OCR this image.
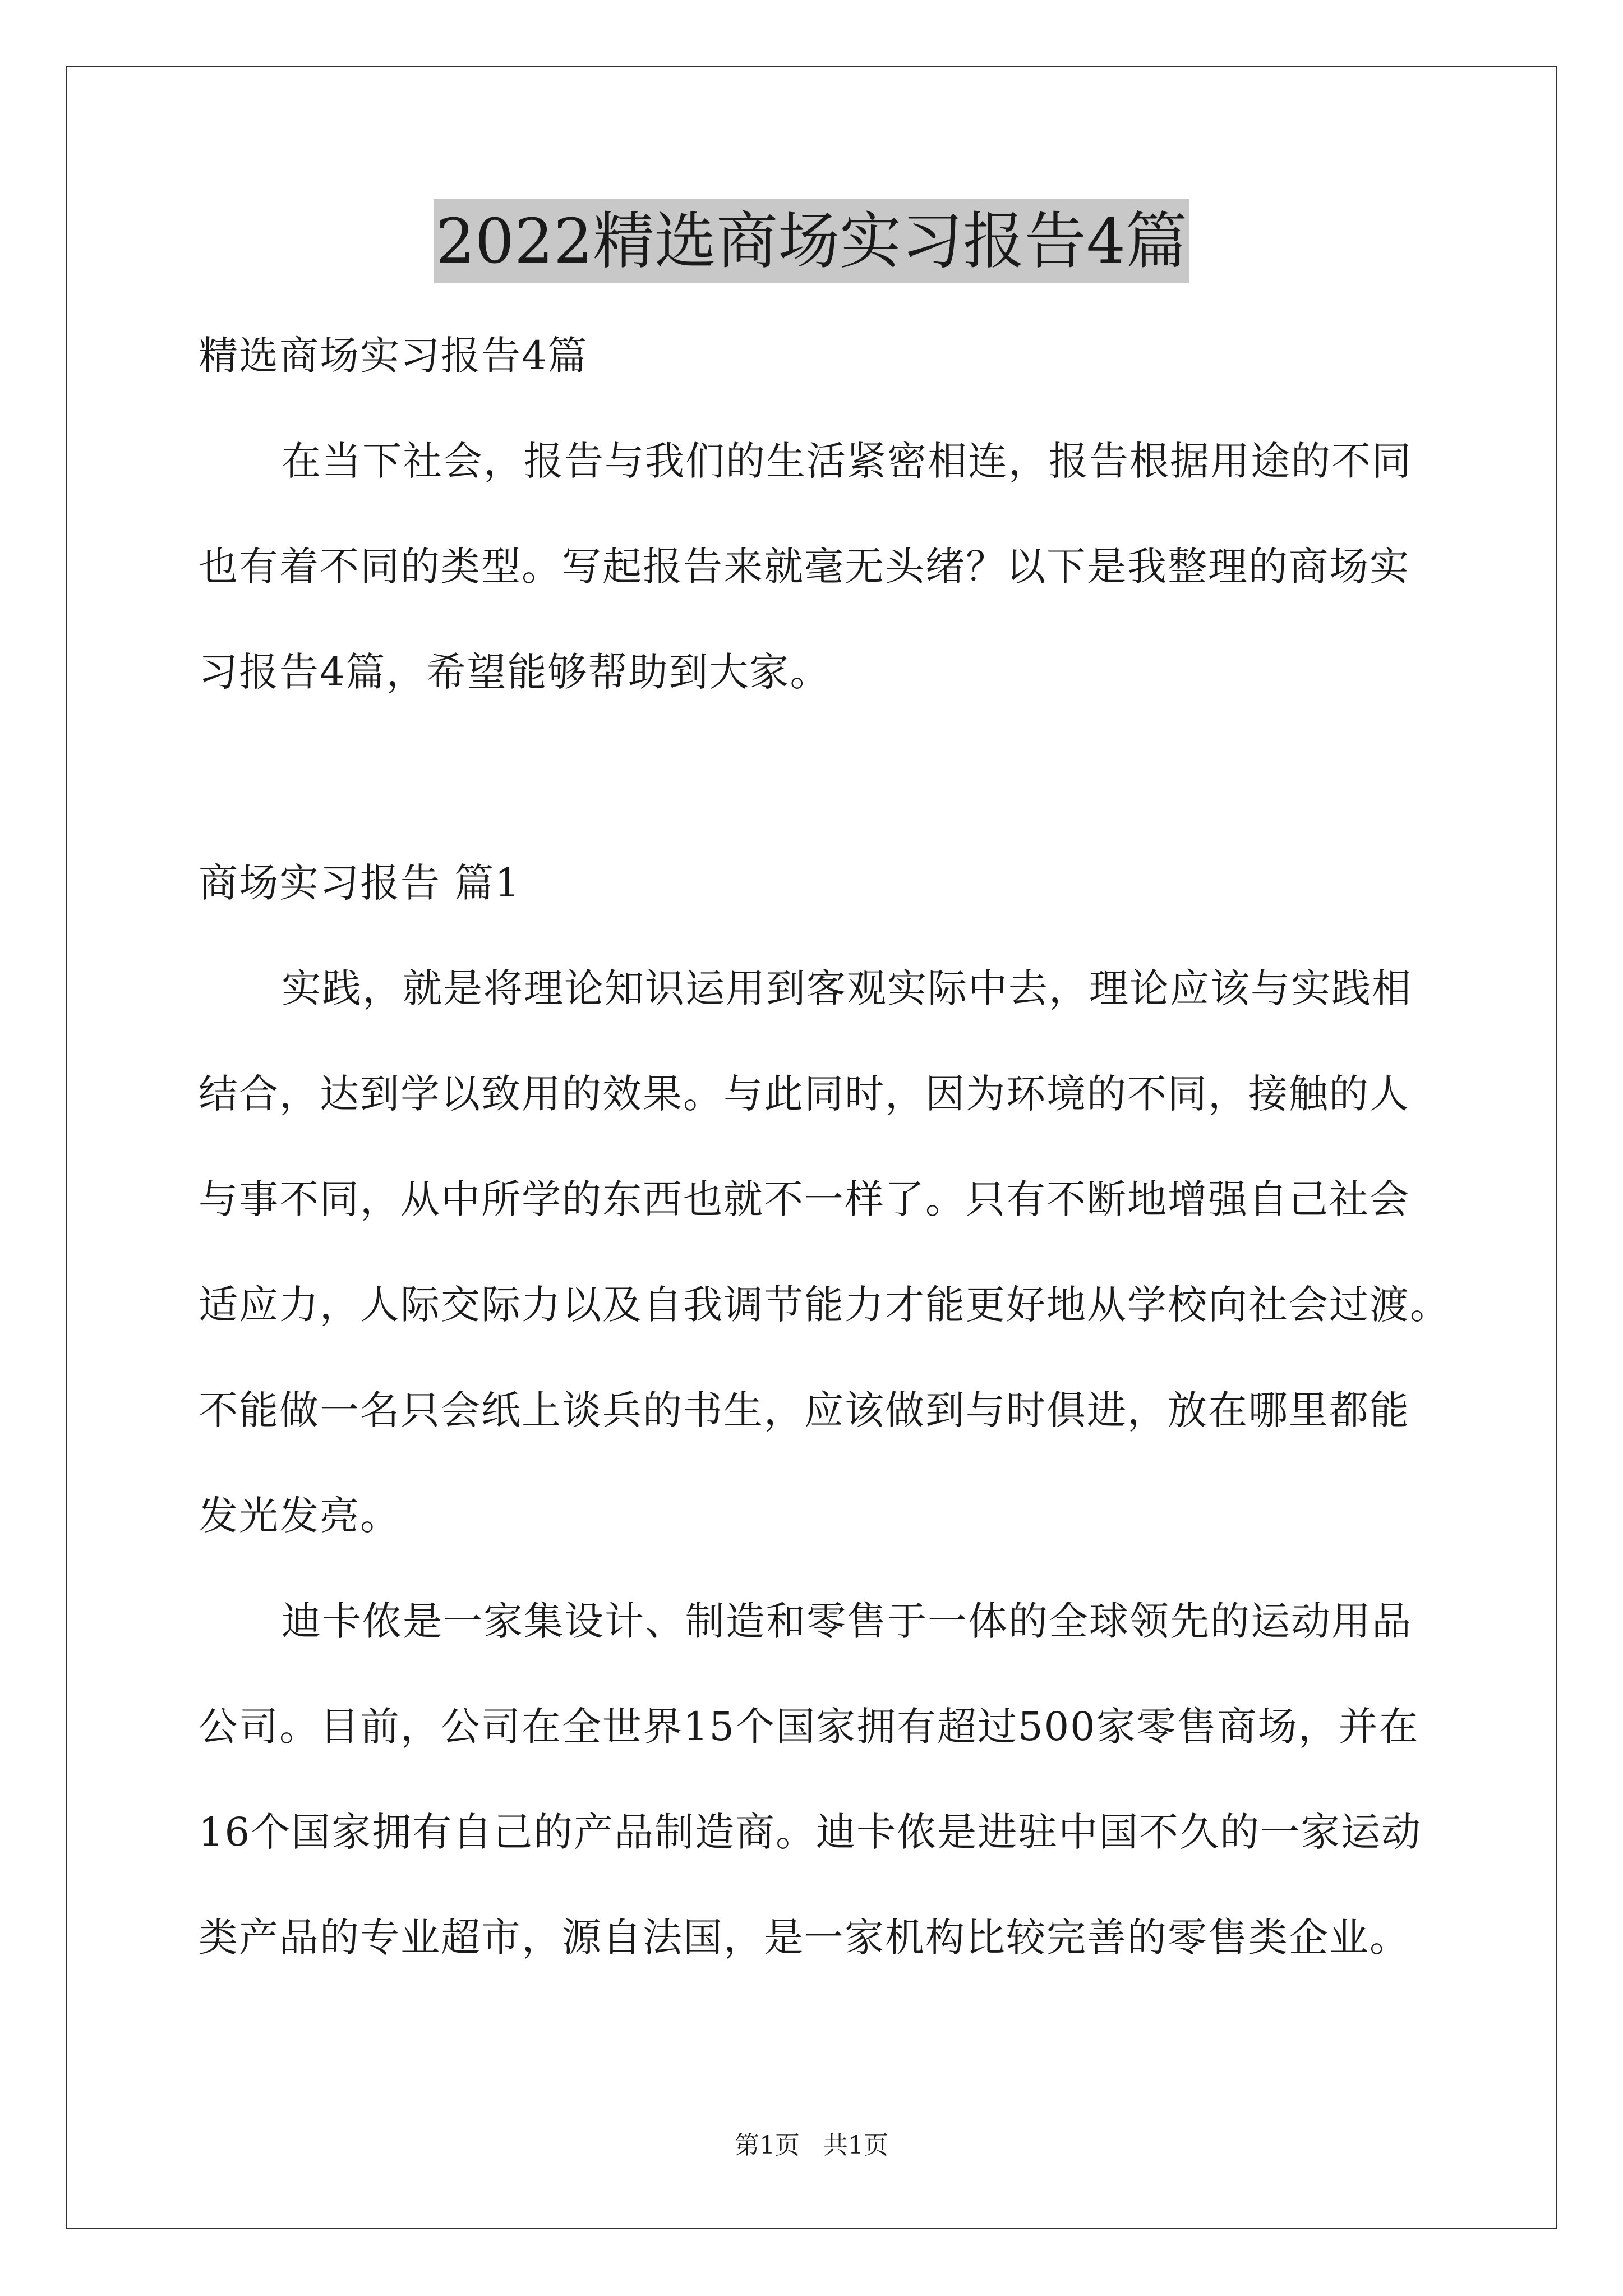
2022精选商场实习报告4篇
精选商场实习报告4篇
在当下社会，报告与我们的生活紧密相连，报告根据用途的不同
也有着不同的类型。写起报告来就毫无头绪？以下是我整理的商场实
习报告4篇，希望能够帮助到大家。
商场实习报告 篇1
实践，就是将理论知识运用到客观实际中去，理论应该与实践相
结合，达到学以致用的效果。与此同时，因为环境的不同，接触的人
与事不同，从中所学的东西也就不一样了。只有不断地增强自己社会
适应力，人际交际力以及自我调节能力才能更好地从学校向社会过渡。
不能做一名只会纸上谈兵的书生，应该做到与时俱进，放在哪里都能
发光发亮。
迪卡侬是一家集设计、制造和零售于一体的全球领先的运动用品
公司。目前，公司在全世界15个国家拥有超过500家零售商场，并在
16个国家拥有自己的产品制造商。迪卡侬是进驻中国不久的一家运动
类产品的专业超市，源自法国，是一家机构比较完善的零售类企业。
第1页   共1页
